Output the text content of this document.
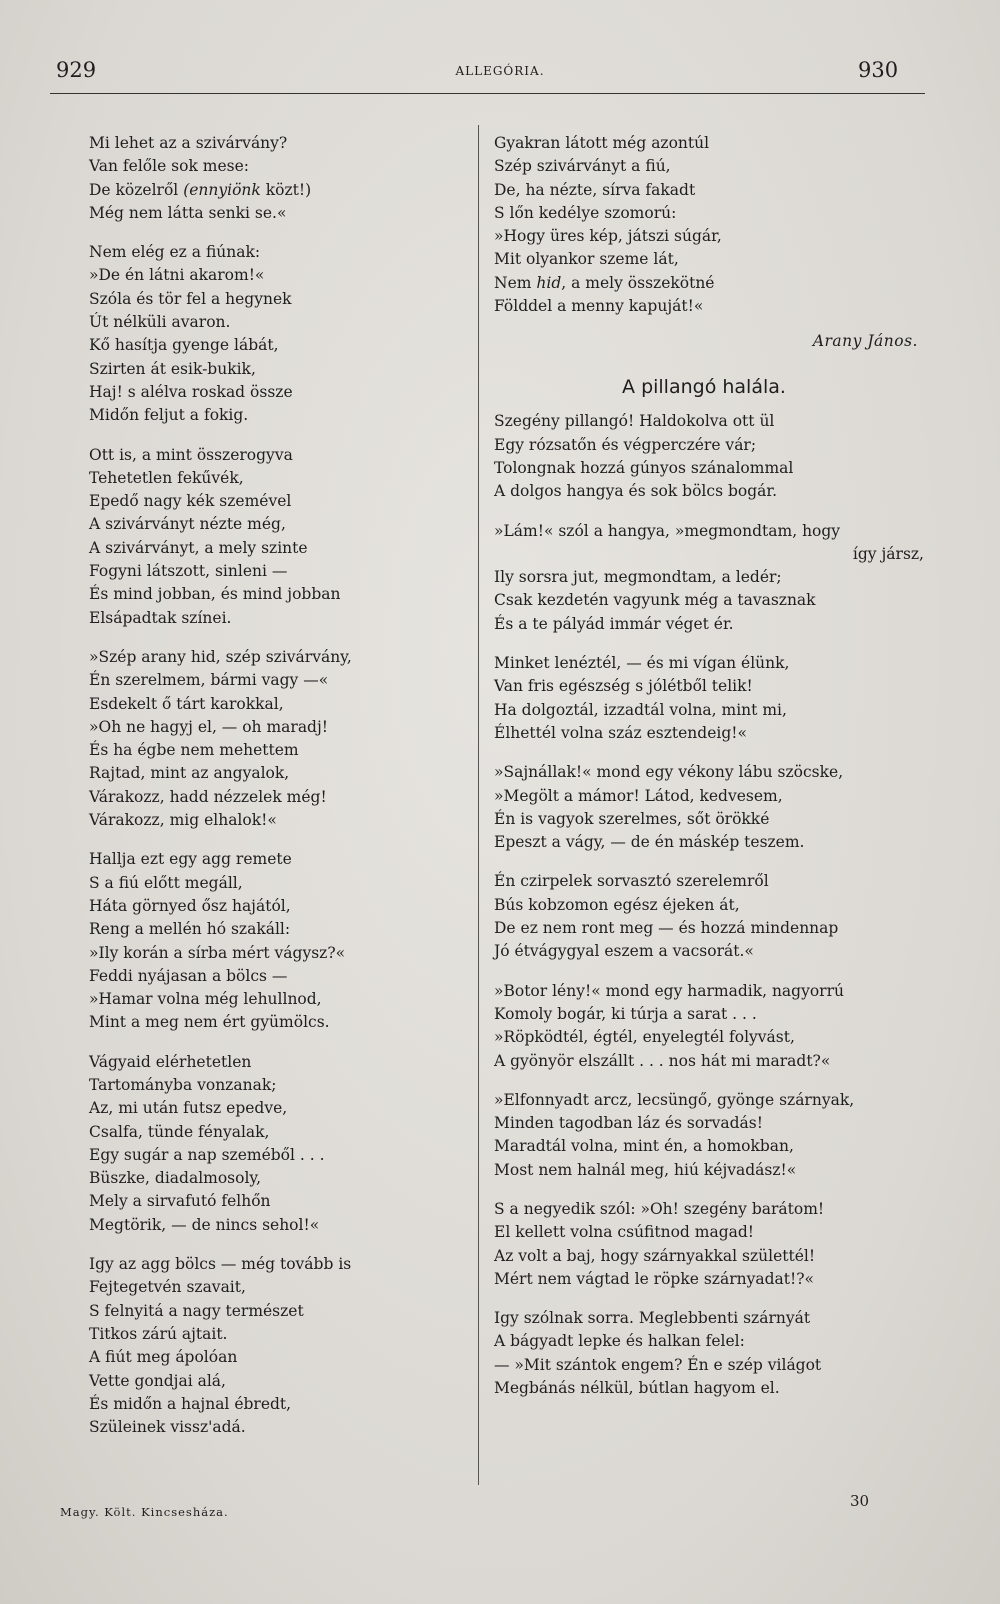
929	ALLEGÓRIA.	930
Mi lehet az a szivárvány?
Van felőle sok mese:
De közelről (ennyiönk közt!)
Még nem látta senki se.«
Nem elég ez a fiúnak:
»De én látni akarom!«
Szóla és tör fel a hegynek
Út nélküli avaron.
Kő hasítja gyenge lábát,
Szirten át esik-bukik,
Haj! s alélva roskad össze
Midőn feljut a fokig.
Ott is, a mint összerogyva
Tehetetlen fekűvék,
Epedő nagy kék szemével
A szivárványt nézte még,
A szivárványt, a mely szinte
Fogyni látszott, sinleni —
És mind jobban, és mind jobban
Elsápadtak színei.
»Szép arany hid, szép szivárvány,
Én szerelmem, bármi vagy —«
Esdekelt ő tárt karokkal,
»Oh ne hagyj el, — oh maradj!
És ha égbe nem mehettem
Rajtad, mint az angyalok,
Várakozz, hadd nézzelek még!
Várakozz, mig elhalok!«
Hallja ezt egy agg remete
S a fiú előtt megáll,
Háta görnyed ősz hajától,
Reng a mellén hó szakáll:
»Ily korán a sírba mért vágysz?«
Feddi nyájasan a bölcs —
»Hamar volna még lehullnod,
Mint a meg nem ért gyümölcs.
Vágyaid elérhetetlen
Tartományba vonzanak;
Az, mi után futsz epedve,
Csalfa, tünde fényalak,
Egy sugár a nap szeméből . . .
Büszke, diadalmosoly,
Mely a sirvafutó felhőn
Megtörik, — de nincs sehol!«
Igy az agg bölcs — még tovább is
Fejtegetvén szavait,
S felnyitá a nagy természet
Titkos zárú ajtait.
A fiút meg ápolóan
Vette gondjai alá,
És midőn a hajnal ébredt,
Szüleinek vissz'adá.
Gyakran látott még azontúl
Szép szivárványt a fiú,
De, ha nézte, sírva fakadt
S lőn kedélye szomorú:
»Hogy üres kép, játszi súgár,
Mit olyankor szeme lát,
Nem hid, a mely összekötné
Földdel a menny kapuját!«
Arany János.
A pillangó halála.
Szegény pillangó! Haldokolva ott ül
Egy rózsatőn és végperczére vár;
Tolongnak hozzá gúnyos szánalommal
A dolgos hangya és sok bölcs bogár.
»Lám!« szól a hangya, »megmondtam, hogy
így jársz,
Ily sorsra jut, megmondtam, a ledér;
Csak kezdetén vagyunk még a tavasznak
És a te pályád immár véget ér.
Minket lenéztél, — és mi vígan élünk,
Van fris egészség s jólétből telik!
Ha dolgoztál, izzadtál volna, mint mi,
Élhettél volna száz esztendeig!«
»Sajnállak!« mond egy vékony lábu szöcske,
»Megölt a mámor! Látod, kedvesem,
Én is vagyok szerelmes, sőt örökké
Epeszt a vágy, — de én máskép teszem.
Én czirpelek sorvasztó szerelemről
Bús kobzomon egész éjeken át,
De ez nem ront meg — és hozzá mindennap
Jó étvágygyal eszem a vacsorát.«
»Botor lény!« mond egy harmadik, nagyorrú
Komoly bogár, ki túrja a sarat . . .
»Röpködtél, égtél, enyelegtél folyvást,
A gyönyör elszállt . . . nos hát mi maradt?«
»Elfonnyadt arcz, lecsüngő, gyönge szárnyak,
Minden tagodban láz és sorvadás!
Maradtál volna, mint én, a homokban,
Most nem halnál meg, hiú kéjvadász!«
S a negyedik szól: »Oh! szegény barátom!
El kellett volna csúfitnod magad!
Az volt a baj, hogy szárnyakkal születtél!
Mért nem vágtad le röpke szárnyadat!?«
Igy szólnak sorra. Meglebbenti szárnyát
A bágyadt lepke és halkan felel:
— »Mit szántok engem? Én e szép világot
Megbánás nélkül, bútlan hagyom el.
Magy. Költ. Kincsesháza.
30
